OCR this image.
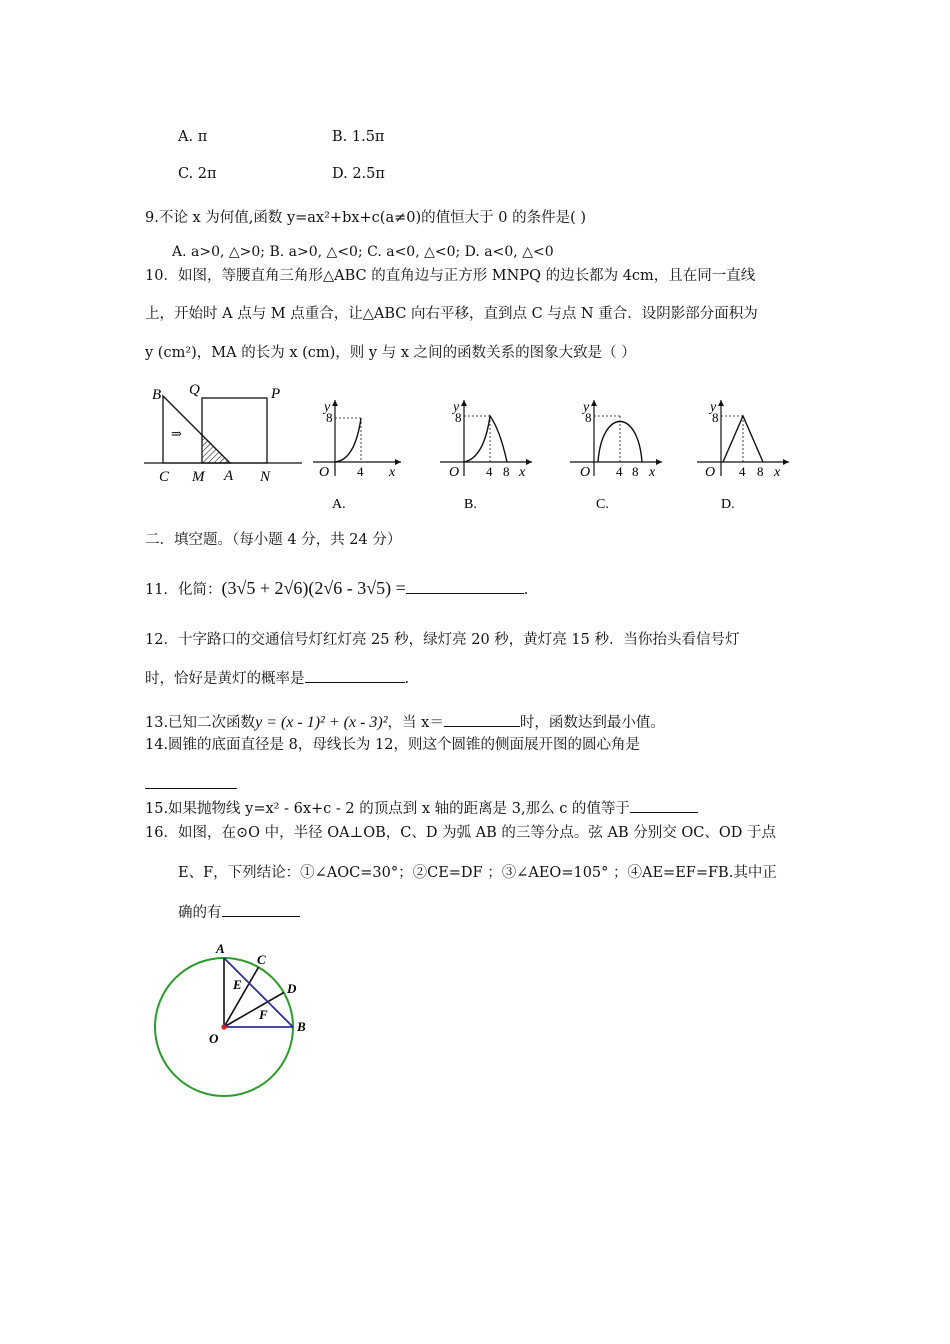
A. π	B. 1.5π
C. 2π	D. 2.5π
9.不论 x 为何值,函数 y=ax²+bx+c(a≠0)的值恒大于 0 的条件是( )
A. a>0, △>0; B. a>0, △<0; C. a<0, △<0; D. a<0, △<0
10．如图，等腰直角三角形△ABC 的直角边与正方形 MNPQ 的边长都为 4cm，且在同一直线
上，开始时 A 点与 M 点重合，让△ABC 向右平移，直到点 C 与点 N 重合．设阴影部分面积为
y (cm²)，MA 的长为 x (cm)，则 y 与 x 之间的函数关系的图象大致是（ ）
B Q	P
⇒
C M A N
y
8
O 4 x
A.
y
8
O 4 8 x
B.
y
8
O 4 8 x
C.
y
8
O 4 8 x
D.
二．填空题。（每小题 4 分，共 24 分）
11．化简：(3√5 + 2√6)(2√6 - 3√5) =	.
12．十字路口的交通信号灯红灯亮 25 秒，绿灯亮 20 秒，黄灯亮 15 秒．当你抬头看信号灯
时，恰好是黄灯的概率是	.
13.已知二次函数y = (x - 1)² + (x - 3)²，当 x＝	时，函数达到最小值。
14.圆锥的底面直径是 8，母线长为 12，则这个圆锥的侧面展开图的圆心角是
15.如果抛物线 y=x² - 6x+c - 2 的顶点到 x 轴的距离是 3,那么 c 的值等于
16．如图，在⊙O 中，半径 OA⊥OB，C、D 为弧 AB 的三等分点。弦 AB 分别交 OC、OD 于点
E、F，下列结论：①∠AOC=30°；②CE=DF ；③∠AEO=105° ；④AE=EF=FB.其中正
确的有
A
C
D
E
F
B
O
